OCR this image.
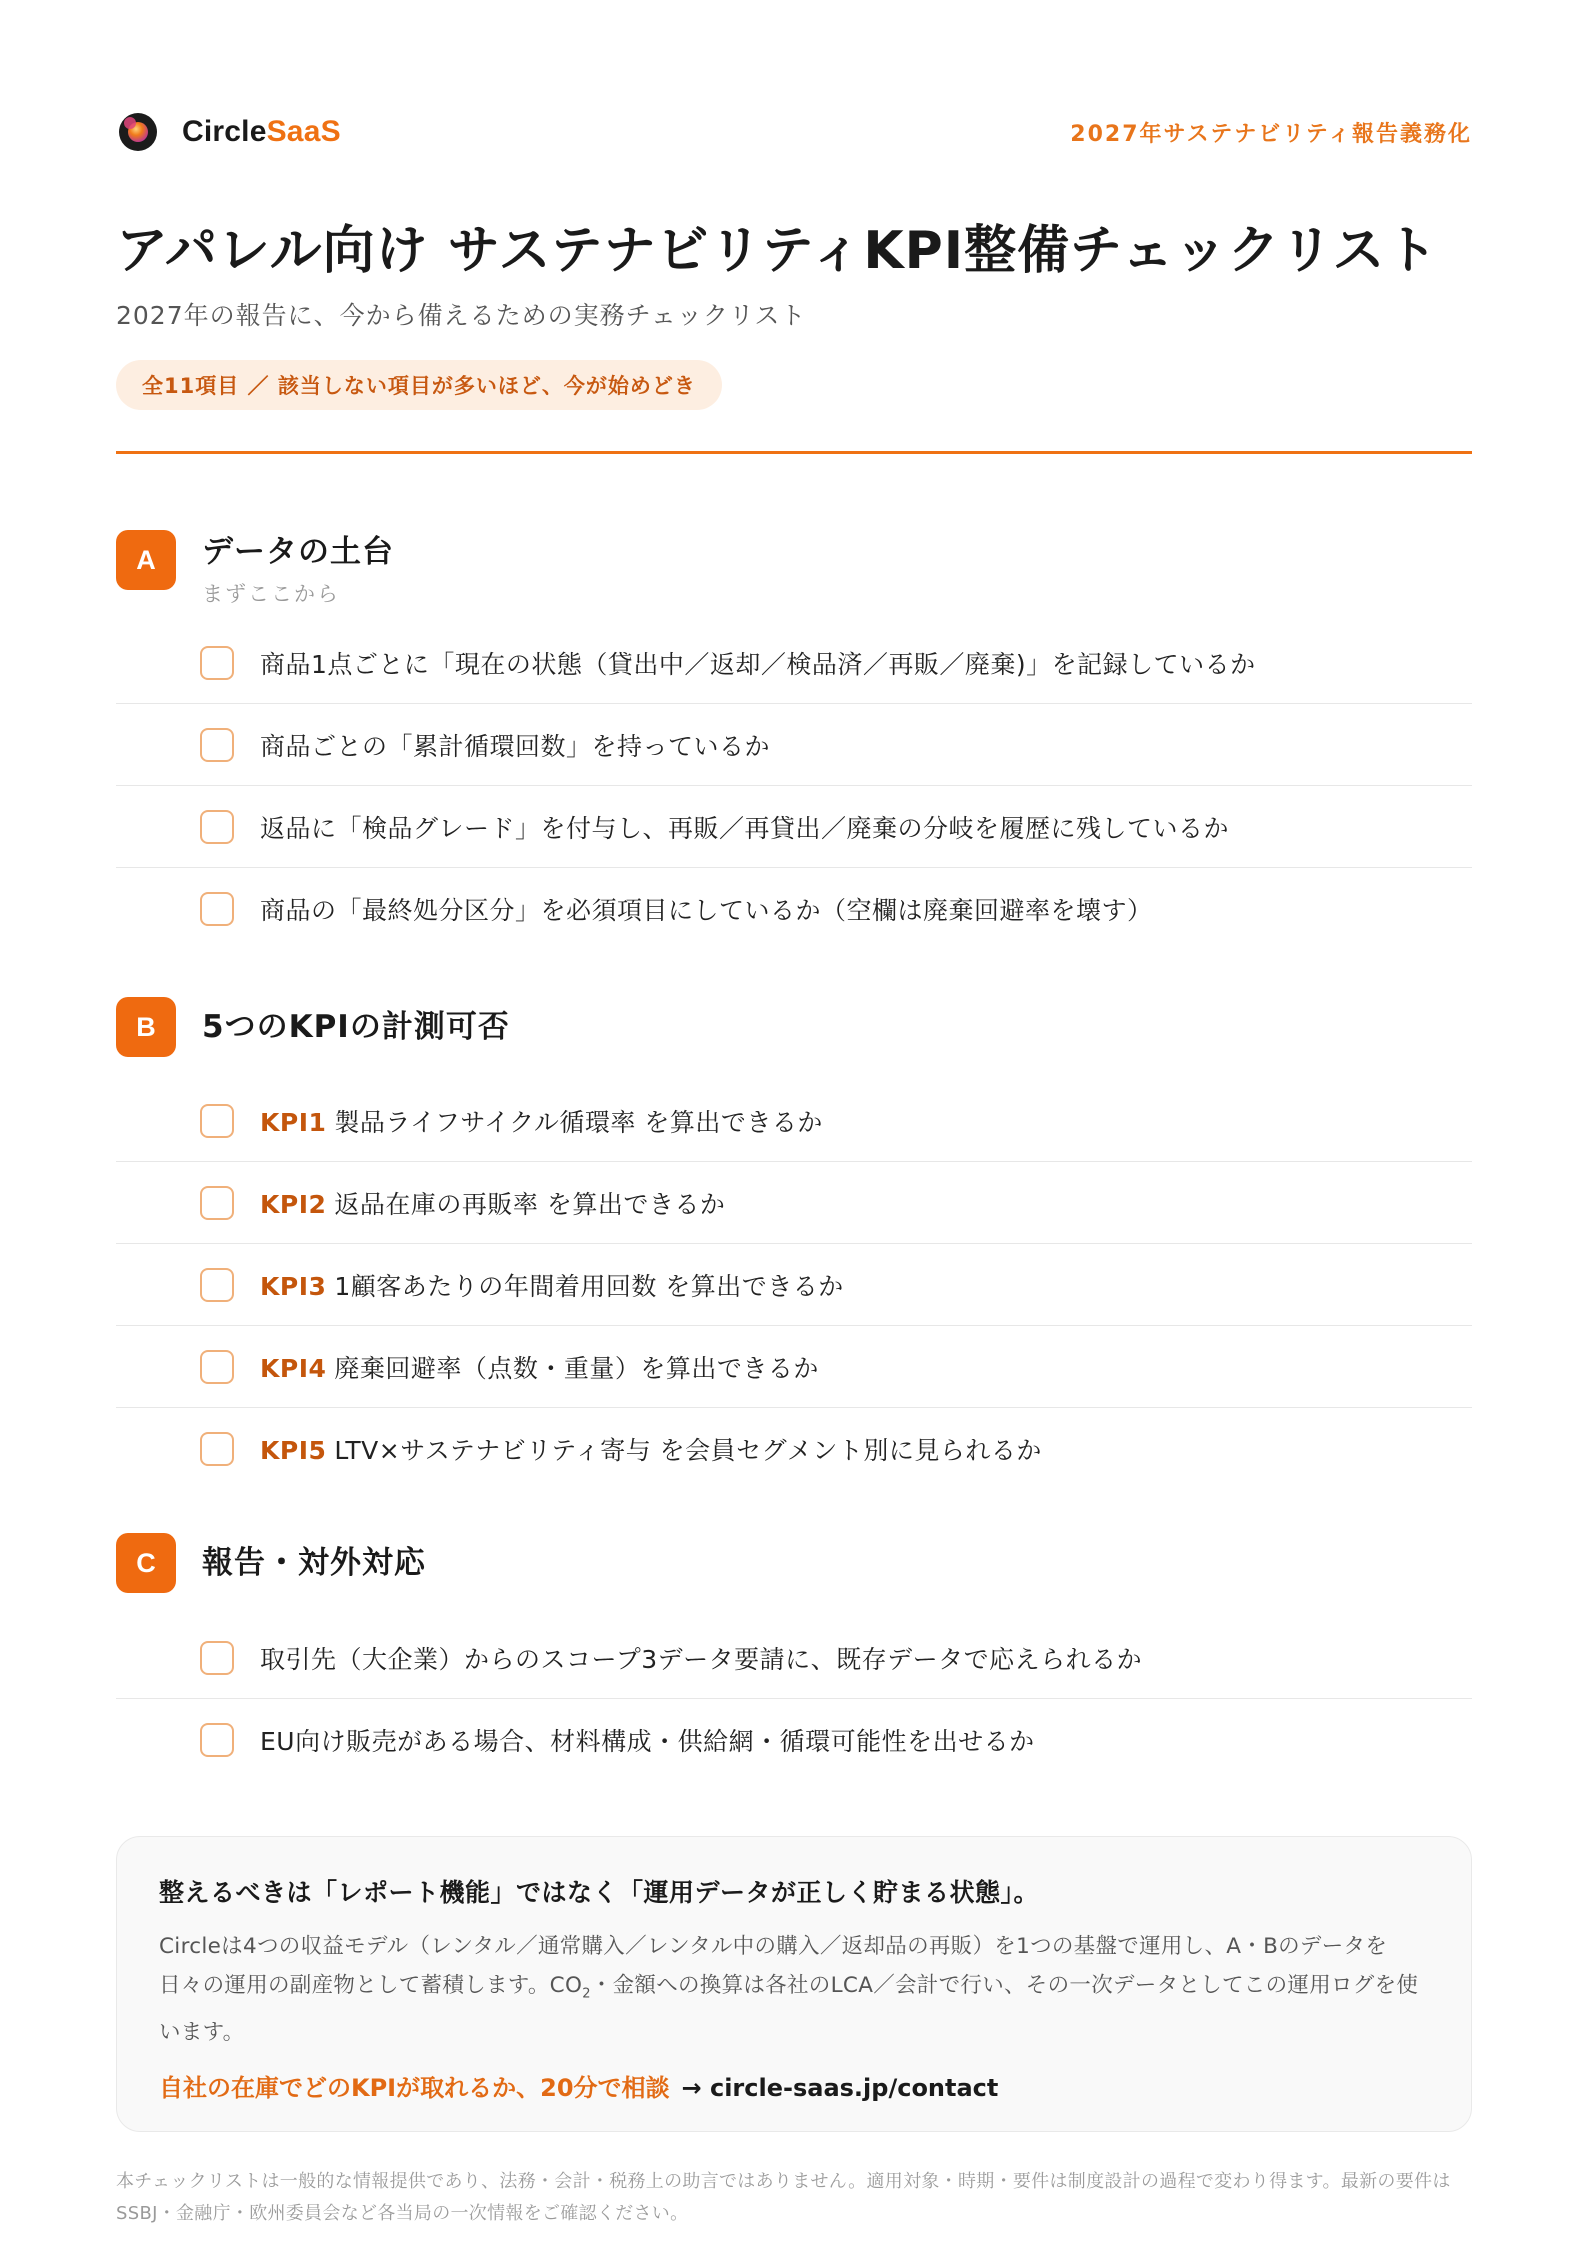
CircleSaaS	2027年サステナビリティ報告義務化
アパレル向け サステナビリティKPI整備チェックリスト
2027年の報告に、今から備えるための実務チェックリスト
全11項目 ／ 該当しない項目が多いほど、今が始めどき
A	データの土台
まずここから
商品1点ごとに「現在の状態（貸出中／返却／検品済／再販／廃棄)」を記録しているか
商品ごとの「累計循環回数」を持っているか
返品に「検品グレード」を付与し、再販／再貸出／廃棄の分岐を履歴に残しているか
商品の「最終処分区分」を必須項目にしているか（空欄は廃棄回避率を壊す）
B	5つのKPIの計測可否
KPI1 製品ライフサイクル循環率 を算出できるか
KPI2 返品在庫の再販率 を算出できるか
KPI3 1顧客あたりの年間着用回数 を算出できるか
KPI4 廃棄回避率（点数・重量）を算出できるか
KPI5 LTV×サステナビリティ寄与 を会員セグメント別に見られるか
C	報告・対外対応
取引先（大企業）からのスコープ3データ要請に、既存データで応えられるか
EU向け販売がある場合、材料構成・供給網・循環可能性を出せるか
整えるべきは「レポート機能」ではなく「運用データが正しく貯まる状態」。
Circleは4つの収益モデル（レンタル／通常購入／レンタル中の購入／返却品の再販）を1つの基盤で運用し、A・Bのデータを日々の運用の副産物として蓄積します。$CO_2$・金額への換算は各社のLCA／会計で行い、その一次データとしてこの運用ログを使います。
自社の在庫でどのKPIが取れるか、20分で相談 → circle-saas.jp/contact
本チェックリストは一般的な情報提供であり、法務・会計・税務上の助言ではありません。適用対象・時期・要件は制度設計の過程で変わり得ます。最新の要件はSSBJ・金融庁・欧州委員会など各当局の一次情報をご確認ください。
